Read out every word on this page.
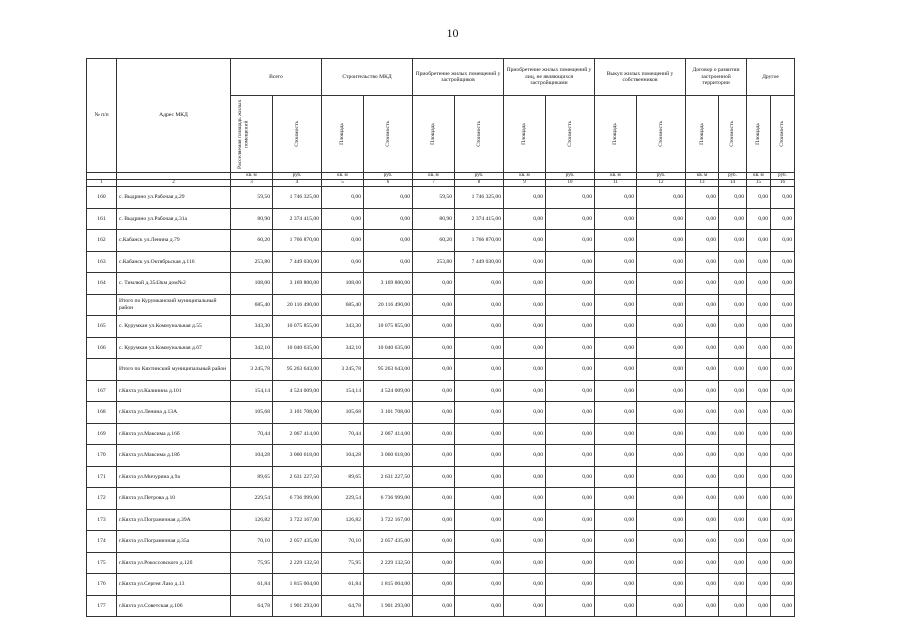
10
№ п/п	Адрес МКД	Всего		Строительство МКД		Приобретение жилых помещений у застройщиков		Приобретение жилых помещений у лиц, не являющихся застройщиками		Выкуп жилых помещений у собственников		Договор о развитии застроенной территории		Другое	

		Расселяемая площадь жилых помещений	Стоимость	Площадь	Стоимость	Площадь	Стоимость	Площадь	Стоимость	Площадь	Стоимость	Площадь	Стоимость	Площадь	Стоимость

		кв. м	руб.	кв. м	руб.	кв. м	руб.	кв. м	руб.	кв. м	руб.	кв. м	руб.	кв. м	руб.
1	2	3	4	5	6	7	8	9	10	11	12	13	14	15	16
160	с. Выдрино ул.Рабочая д.29	59,50	1 746 325,00	0,00	0,00	59,50	1 746 325,00	0,00	0,00	0,00	0,00	0,00	0,00	0,00	0,00
161	с. Выдрино ул.Рабочая д.31а	80,90	2 374 415,00	0,00	0,00	80,90	2 374 415,00	0,00	0,00	0,00	0,00	0,00	0,00	0,00	0,00
162	с.Кабанск ул.Ленина д.79	60,20	1 766 870,00	0,00	0,00	60,20	1 766 870,00	0,00	0,00	0,00	0,00	0,00	0,00	0,00	0,00
163	с.Кабанск ул.Октябрьская д.116	253,80	7 449 030,00	0,00	0,00	253,80	7 449 030,00	0,00	0,00	0,00	0,00	0,00	0,00	0,00	0,00
164	с. Тимлюй д.3543км дом№2	108,00	3 169 800,00	108,00	3 169 800,00	0,00	0,00	0,00	0,00	0,00	0,00	0,00	0,00	0,00	0,00
	Итого по Курумканский муниципальный район	685,40	20 116 490,00	685,40	20 116 490,00	0,00	0,00	0,00	0,00	0,00	0,00	0,00	0,00	0,00	0,00
165	с. Курумкан ул.Коммунальная д.55	343,30	10 075 855,00	343,30	10 075 855,00	0,00	0,00	0,00	0,00	0,00	0,00	0,00	0,00	0,00	0,00
166	с. Курумкан ул.Коммунальная д.67	342,10	10 040 635,00	342,10	10 040 635,00	0,00	0,00	0,00	0,00	0,00	0,00	0,00	0,00	0,00	0,00
	Итого по Кяхтинский муниципальный район	3 245,78	95 263 643,00	3 245,78	95 263 643,00	0,00	0,00	0,00	0,00	0,00	0,00	0,00	0,00	0,00	0,00
167	г.Кяхта ул.Калинина д.101	154,14	4 524 009,00	154,14	4 524 009,00	0,00	0,00	0,00	0,00	0,00	0,00	0,00	0,00	0,00	0,00
168	г.Кяхта ул.Ленина д.13А	105,68	3 101 708,00	105,68	3 101 708,00	0,00	0,00	0,00	0,00	0,00	0,00	0,00	0,00	0,00	0,00
169	г.Кяхта ул.Максима д.16б	70,44	2 067 414,00	70,44	2 067 414,00	0,00	0,00	0,00	0,00	0,00	0,00	0,00	0,00	0,00	0,00
170	г.Кяхта ул.Максима д.18б	104,28	3 060 618,00	104,28	3 060 618,00	0,00	0,00	0,00	0,00	0,00	0,00	0,00	0,00	0,00	0,00
171	г.Кяхта ул.Мичурина д.9а	89,65	2 631 227,50	89,65	2 631 227,50	0,00	0,00	0,00	0,00	0,00	0,00	0,00	0,00	0,00	0,00
172	г.Кяхта ул.Петрова д.10	229,54	6 736 999,00	229,54	6 736 999,00	0,00	0,00	0,00	0,00	0,00	0,00	0,00	0,00	0,00	0,00
173	г.Кяхта ул.Пограничная д.39А	126,82	3 722 167,00	126,82	3 722 167,00	0,00	0,00	0,00	0,00	0,00	0,00	0,00	0,00	0,00	0,00
174	г.Кяхта ул.Пограничная д.35а	70,10	2 057 435,00	70,10	2 057 435,00	0,00	0,00	0,00	0,00	0,00	0,00	0,00	0,00	0,00	0,00
175	г.Кяхта ул.Рокоссовского д.12б	75,95	2 229 132,50	75,95	2 229 132,50	0,00	0,00	0,00	0,00	0,00	0,00	0,00	0,00	0,00	0,00
176	г.Кяхта ул.Сергея Лазо д.13	61,84	1 815 004,00	61,84	1 815 004,00	0,00	0,00	0,00	0,00	0,00	0,00	0,00	0,00	0,00	0,00
177	г.Кяхта ул.Советская д.106	64,78	1 901 293,00	64,78	1 901 293,00	0,00	0,00	0,00	0,00	0,00	0,00	0,00	0,00	0,00	0,00
